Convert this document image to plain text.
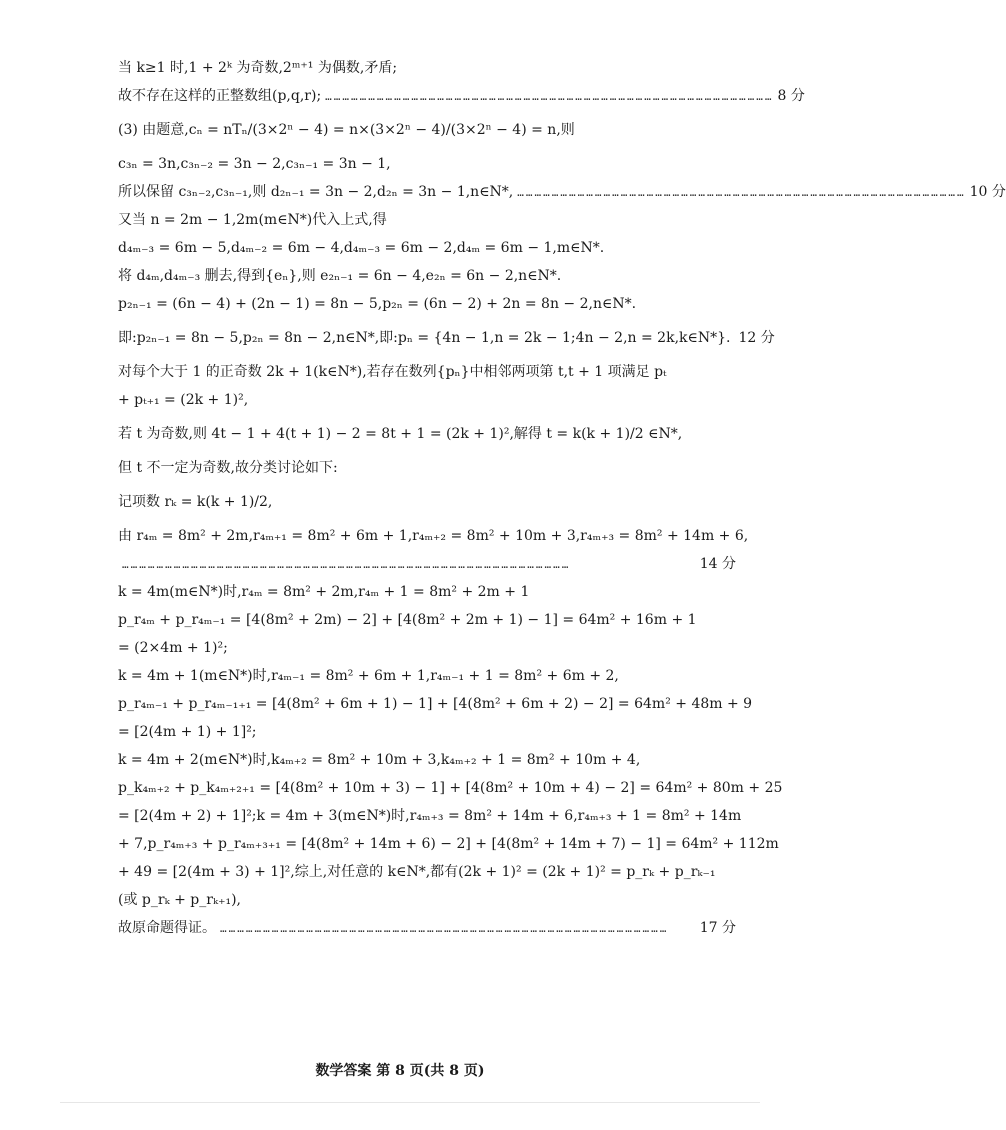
当 k≥1 时,1 + 2ᵏ 为奇数,2ᵐ⁺¹ 为偶数,矛盾;
故不存在这样的正整数组(p,q,r); ………………………………………………………………………………………………………………………………………… 8 分
(3) 由题意,cₙ = nTₙ/(3×2ⁿ − 4) = n×(3×2ⁿ − 4)/(3×2ⁿ − 4) = n,则
c₃ₙ = 3n,c₃ₙ₋₂ = 3n − 2,c₃ₙ₋₁ = 3n − 1,
所以保留 c₃ₙ₋₂,c₃ₙ₋₁,则 d₂ₙ₋₁ = 3n − 2,d₂ₙ = 3n − 1,n∈N*, ………………………………………………………………………………………………………………………………………… 10 分
又当 n = 2m − 1,2m(m∈N*)代入上式,得
d₄ₘ₋₃ = 6m − 5,d₄ₘ₋₂ = 6m − 4,d₄ₘ₋₃ = 6m − 2,d₄ₘ = 6m − 1,m∈N*.
将 d₄ₘ,d₄ₘ₋₃ 删去,得到{eₙ},则 e₂ₙ₋₁ = 6n − 4,e₂ₙ = 6n − 2,n∈N*.
p₂ₙ₋₁ = (6n − 4) + (2n − 1) = 8n − 5,p₂ₙ = (6n − 2) + 2n = 8n − 2,n∈N*.
即:p₂ₙ₋₁ = 8n − 5,p₂ₙ = 8n − 2,n∈N*,即:pₙ = {4n − 1,n = 2k − 1;4n − 2,n = 2k,k∈N*}. 12 分
对每个大于 1 的正奇数 2k + 1(k∈N*),若存在数列{pₙ}中相邻两项第 t,t + 1 项满足 pₜ
+ pₜ₊₁ = (2k + 1)²,
若 t 为奇数,则 4t − 1 + 4(t + 1) − 2 = 8t + 1 = (2k + 1)²,解得 t = k(k + 1)/2 ∈N*,
但 t 不一定为奇数,故分类讨论如下:
记项数 rₖ = k(k + 1)/2,
由 r₄ₘ = 8m² + 2m,r₄ₘ₊₁ = 8m² + 6m + 1,r₄ₘ₊₂ = 8m² + 10m + 3,r₄ₘ₊₃ = 8m² + 14m + 6,
…………………………………………………………………………………………………………………………………………	14 分
k = 4m(m∈N*)时,r₄ₘ = 8m² + 2m,r₄ₘ + 1 = 8m² + 2m + 1
p_r₄ₘ + p_r₄ₘ₋₁ = [4(8m² + 2m) − 2] + [4(8m² + 2m + 1) − 1] = 64m² + 16m + 1
= (2×4m + 1)²;
k = 4m + 1(m∈N*)时,r₄ₘ₋₁ = 8m² + 6m + 1,r₄ₘ₋₁ + 1 = 8m² + 6m + 2,
p_r₄ₘ₋₁ + p_r₄ₘ₋₁₊₁ = [4(8m² + 6m + 1) − 1] + [4(8m² + 6m + 2) − 2] = 64m² + 48m + 9
= [2(4m + 1) + 1]²;
k = 4m + 2(m∈N*)时,k₄ₘ₊₂ = 8m² + 10m + 3,k₄ₘ₊₂ + 1 = 8m² + 10m + 4,
p_k₄ₘ₊₂ + p_k₄ₘ₊₂₊₁ = [4(8m² + 10m + 3) − 1] + [4(8m² + 10m + 4) − 2] = 64m² + 80m + 25
= [2(4m + 2) + 1]²;k = 4m + 3(m∈N*)时,r₄ₘ₊₃ = 8m² + 14m + 6,r₄ₘ₊₃ + 1 = 8m² + 14m
+ 7,p_r₄ₘ₊₃ + p_r₄ₘ₊₃₊₁ = [4(8m² + 14m + 6) − 2] + [4(8m² + 14m + 7) − 1] = 64m² + 112m
+ 49 = [2(4m + 3) + 1]²,综上,对任意的 k∈N*,都有(2k + 1)² = (2k + 1)² = p_rₖ + p_rₖ₋₁
(或 p_rₖ + p_rₖ₊₁),
故原命题得证。 …………………………………………………………………………………………………………………………………………	17 分
数学答案 第 8 页(共 8 页)
